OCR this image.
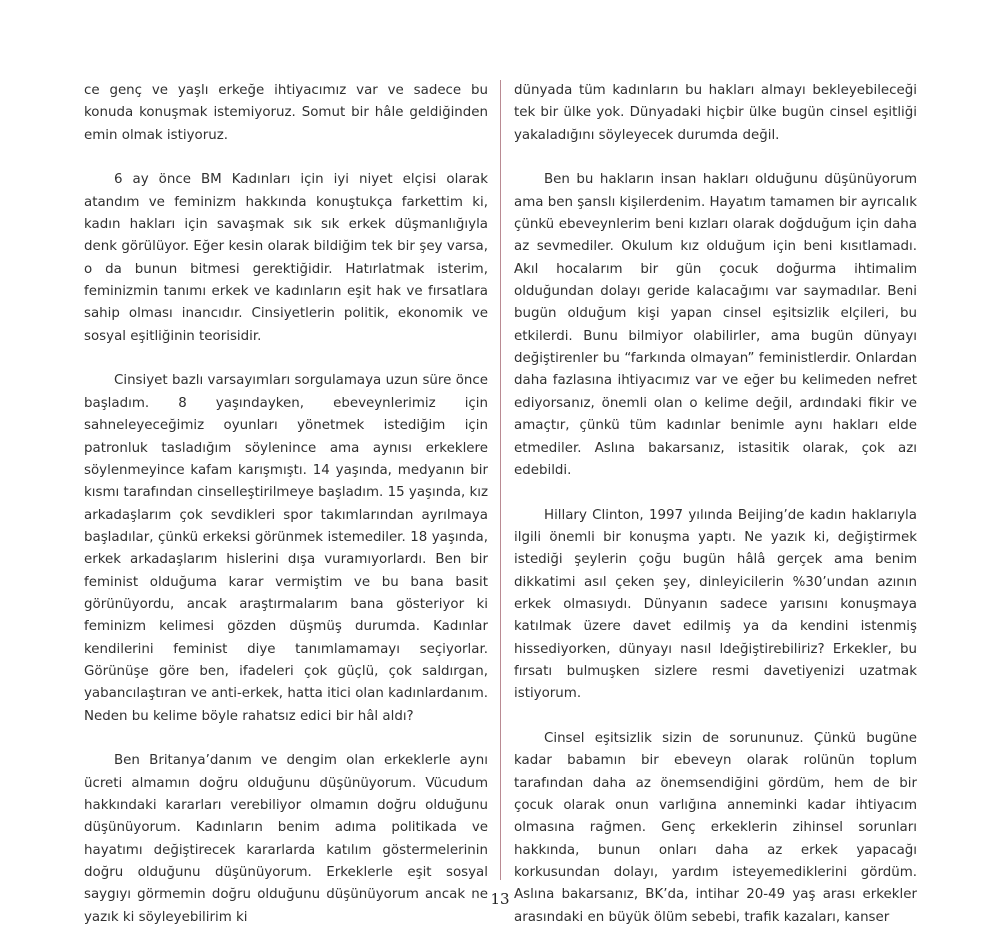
ce genç ve yaşlı erkeğe ihtiyacımız var ve sadece bu konuda konuşmak istemiyoruz. Somut bir hâle geldiğinden emin olmak istiyoruz.

6 ay önce BM Kadınları için iyi niyet elçisi olarak atandım ve feminizm hakkında konuştukça farkettim ki, kadın hakları için savaşmak sık sık erkek düşmanlığıyla denk görülüyor. Eğer kesin olarak bildiğim tek bir şey varsa, o da bunun bitmesi gerektiğidir. Hatırlatmak isterim, feminizmin tanımı erkek ve kadınların eşit hak ve fırsatlara sahip olması inancıdır. Cinsiyetlerin politik, ekonomik ve sosyal eşitliğinin teorisidir.

Cinsiyet bazlı varsayımları sorgulamaya uzun süre önce başladım. 8 yaşındayken, ebeveynlerimiz için sahneleyeceğimiz oyunları yönetmek istediğim için patronluk tasladığım söylenince ama aynısı erkeklere söylenmeyince kafam karışmıştı. 14 yaşında, medyanın bir kısmı tarafından cinselleştirilmeye başladım. 15 yaşında, kız arkadaşlarım çok sevdikleri spor takımlarından ayrılmaya başladılar, çünkü erkeksi görünmek istemediler. 18 yaşında, erkek arkadaşlarım hislerini dışa vuramıyorlardı. Ben bir feminist olduğuma karar vermiştim ve bu bana basit görünüyordu, ancak araştırmalarım bana gösteriyor ki feminizm kelimesi gözden düşmüş durumda. Kadınlar kendilerini feminist diye tanımlamamayı seçiyorlar. Görünüşe göre ben, ifadeleri çok güçlü, çok saldırgan, yabancılaştıran ve anti-erkek, hatta itici olan kadınlardanım. Neden bu kelime böyle rahatsız edici bir hâl aldı?

Ben Britanya’danım ve dengim olan erkeklerle aynı ücreti almamın doğru olduğunu düşünüyorum. Vücudum hakkındaki kararları verebiliyor olmamın doğru olduğunu düşünüyorum. Kadınların benim adıma politikada ve hayatımı değiştirecek kararlarda katılım göstermelerinin doğru olduğunu düşünüyorum. Erkeklerle eşit sosyal saygıyı görmemin doğru olduğunu düşünüyorum ancak ne yazık ki söyleyebilirim ki

dünyada tüm kadınların bu hakları almayı bekleyebileceği tek bir ülke yok. Dünyadaki hiçbir ülke bugün cinsel eşitliği yakaladığını söyleyecek durumda değil.

Ben bu hakların insan hakları olduğunu düşünüyorum ama ben şanslı kişilerdenim. Hayatım tamamen bir ayrıcalık çünkü ebeveynlerim beni kızları olarak doğduğum için daha az sevmediler. Okulum kız olduğum için beni kısıtlamadı. Akıl hocalarım bir gün çocuk doğurma ihtimalim olduğundan dolayı geride kalacağımı var saymadılar. Beni bugün olduğum kişi yapan cinsel eşitsizlik elçileri, bu etkilerdi. Bunu bilmiyor olabilirler, ama bugün dünyayı değiştirenler bu “farkında olmayan” feministlerdir. Onlardan daha fazlasına ihtiyacımız var ve eğer bu kelimeden nefret ediyorsanız, önemli olan o kelime değil, ardındaki fikir ve amaçtır, çünkü tüm kadınlar benimle aynı hakları elde etmediler. Aslına bakarsanız, istasitik olarak, çok azı edebildi.

Hillary Clinton, 1997 yılında Beijing’de kadın haklarıyla ilgili önemli bir konuşma yaptı. Ne yazık ki, değiştirmek istediği şeylerin çoğu bugün hâlâ gerçek ama benim dikkatimi asıl çeken şey, dinleyicilerin %30’undan azının erkek olmasıydı. Dünyanın sadece yarısını konuşmaya katılmak üzere davet edilmiş ya da kendini istenmiş hissediyorken, dünyayı nasıl ldeğiştirebiliriz? Erkekler, bu fırsatı bulmuşken sizlere resmi davetiyenizi uzatmak istiyorum.

Cinsel eşitsizlik sizin de sorununuz. Çünkü bugüne kadar babamın bir ebeveyn olarak rolünün toplum tarafından daha az önemsendiğini gördüm, hem de bir çocuk olarak onun varlığına anneminki kadar ihtiyacım olmasına rağmen. Genç erkeklerin zihinsel sorunları hakkında, bunun onları daha az erkek yapacağı korkusundan dolayı, yardım isteyemediklerini gördüm. Aslına bakarsanız, BK’da, intihar 20-49 yaş arası erkekler arasındaki en büyük ölüm sebebi, trafik kazaları, kanser

13
